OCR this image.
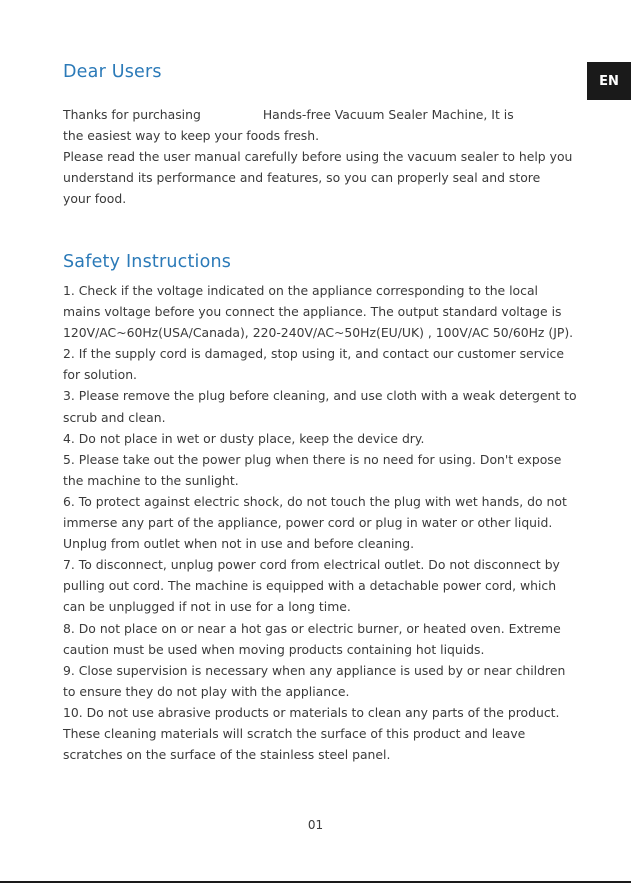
EN
Dear Users
Thanks for purchasing	Hands-free Vacuum Sealer Machine, It is
the easiest way to keep your foods fresh.
Please read the user manual carefully before using the vacuum sealer to help you
understand its performance and features, so you can properly seal and store
your food.
Safety Instructions
1. Check if the voltage indicated on the appliance corresponding to the local
mains voltage before you connect the appliance. The output standard voltage is
120V/AC~60Hz(USA/Canada), 220-240V/AC~50Hz(EU/UK) , 100V/AC 50/60Hz (JP).
2. If the supply cord is damaged, stop using it, and contact our customer service
for solution.
3. Please remove the plug before cleaning, and use cloth with a weak detergent to
scrub and clean.
4. Do not place in wet or dusty place, keep the device dry.
5. Please take out the power plug when there is no need for using. Don't expose
the machine to the sunlight.
6. To protect against electric shock, do not touch the plug with wet hands, do not
immerse any part of the appliance, power cord or plug in water or other liquid.
Unplug from outlet when not in use and before cleaning.
7. To disconnect, unplug power cord from electrical outlet. Do not disconnect by
pulling out cord. The machine is equipped with a detachable power cord, which
can be unplugged if not in use for a long time.
8. Do not place on or near a hot gas or electric burner, or heated oven. Extreme
caution must be used when moving products containing hot liquids.
9. Close supervision is necessary when any appliance is used by or near children
to ensure they do not play with the appliance.
10. Do not use abrasive products or materials to clean any parts of the product.
These cleaning materials will scratch the surface of this product and leave
scratches on the surface of the stainless steel panel.
01
